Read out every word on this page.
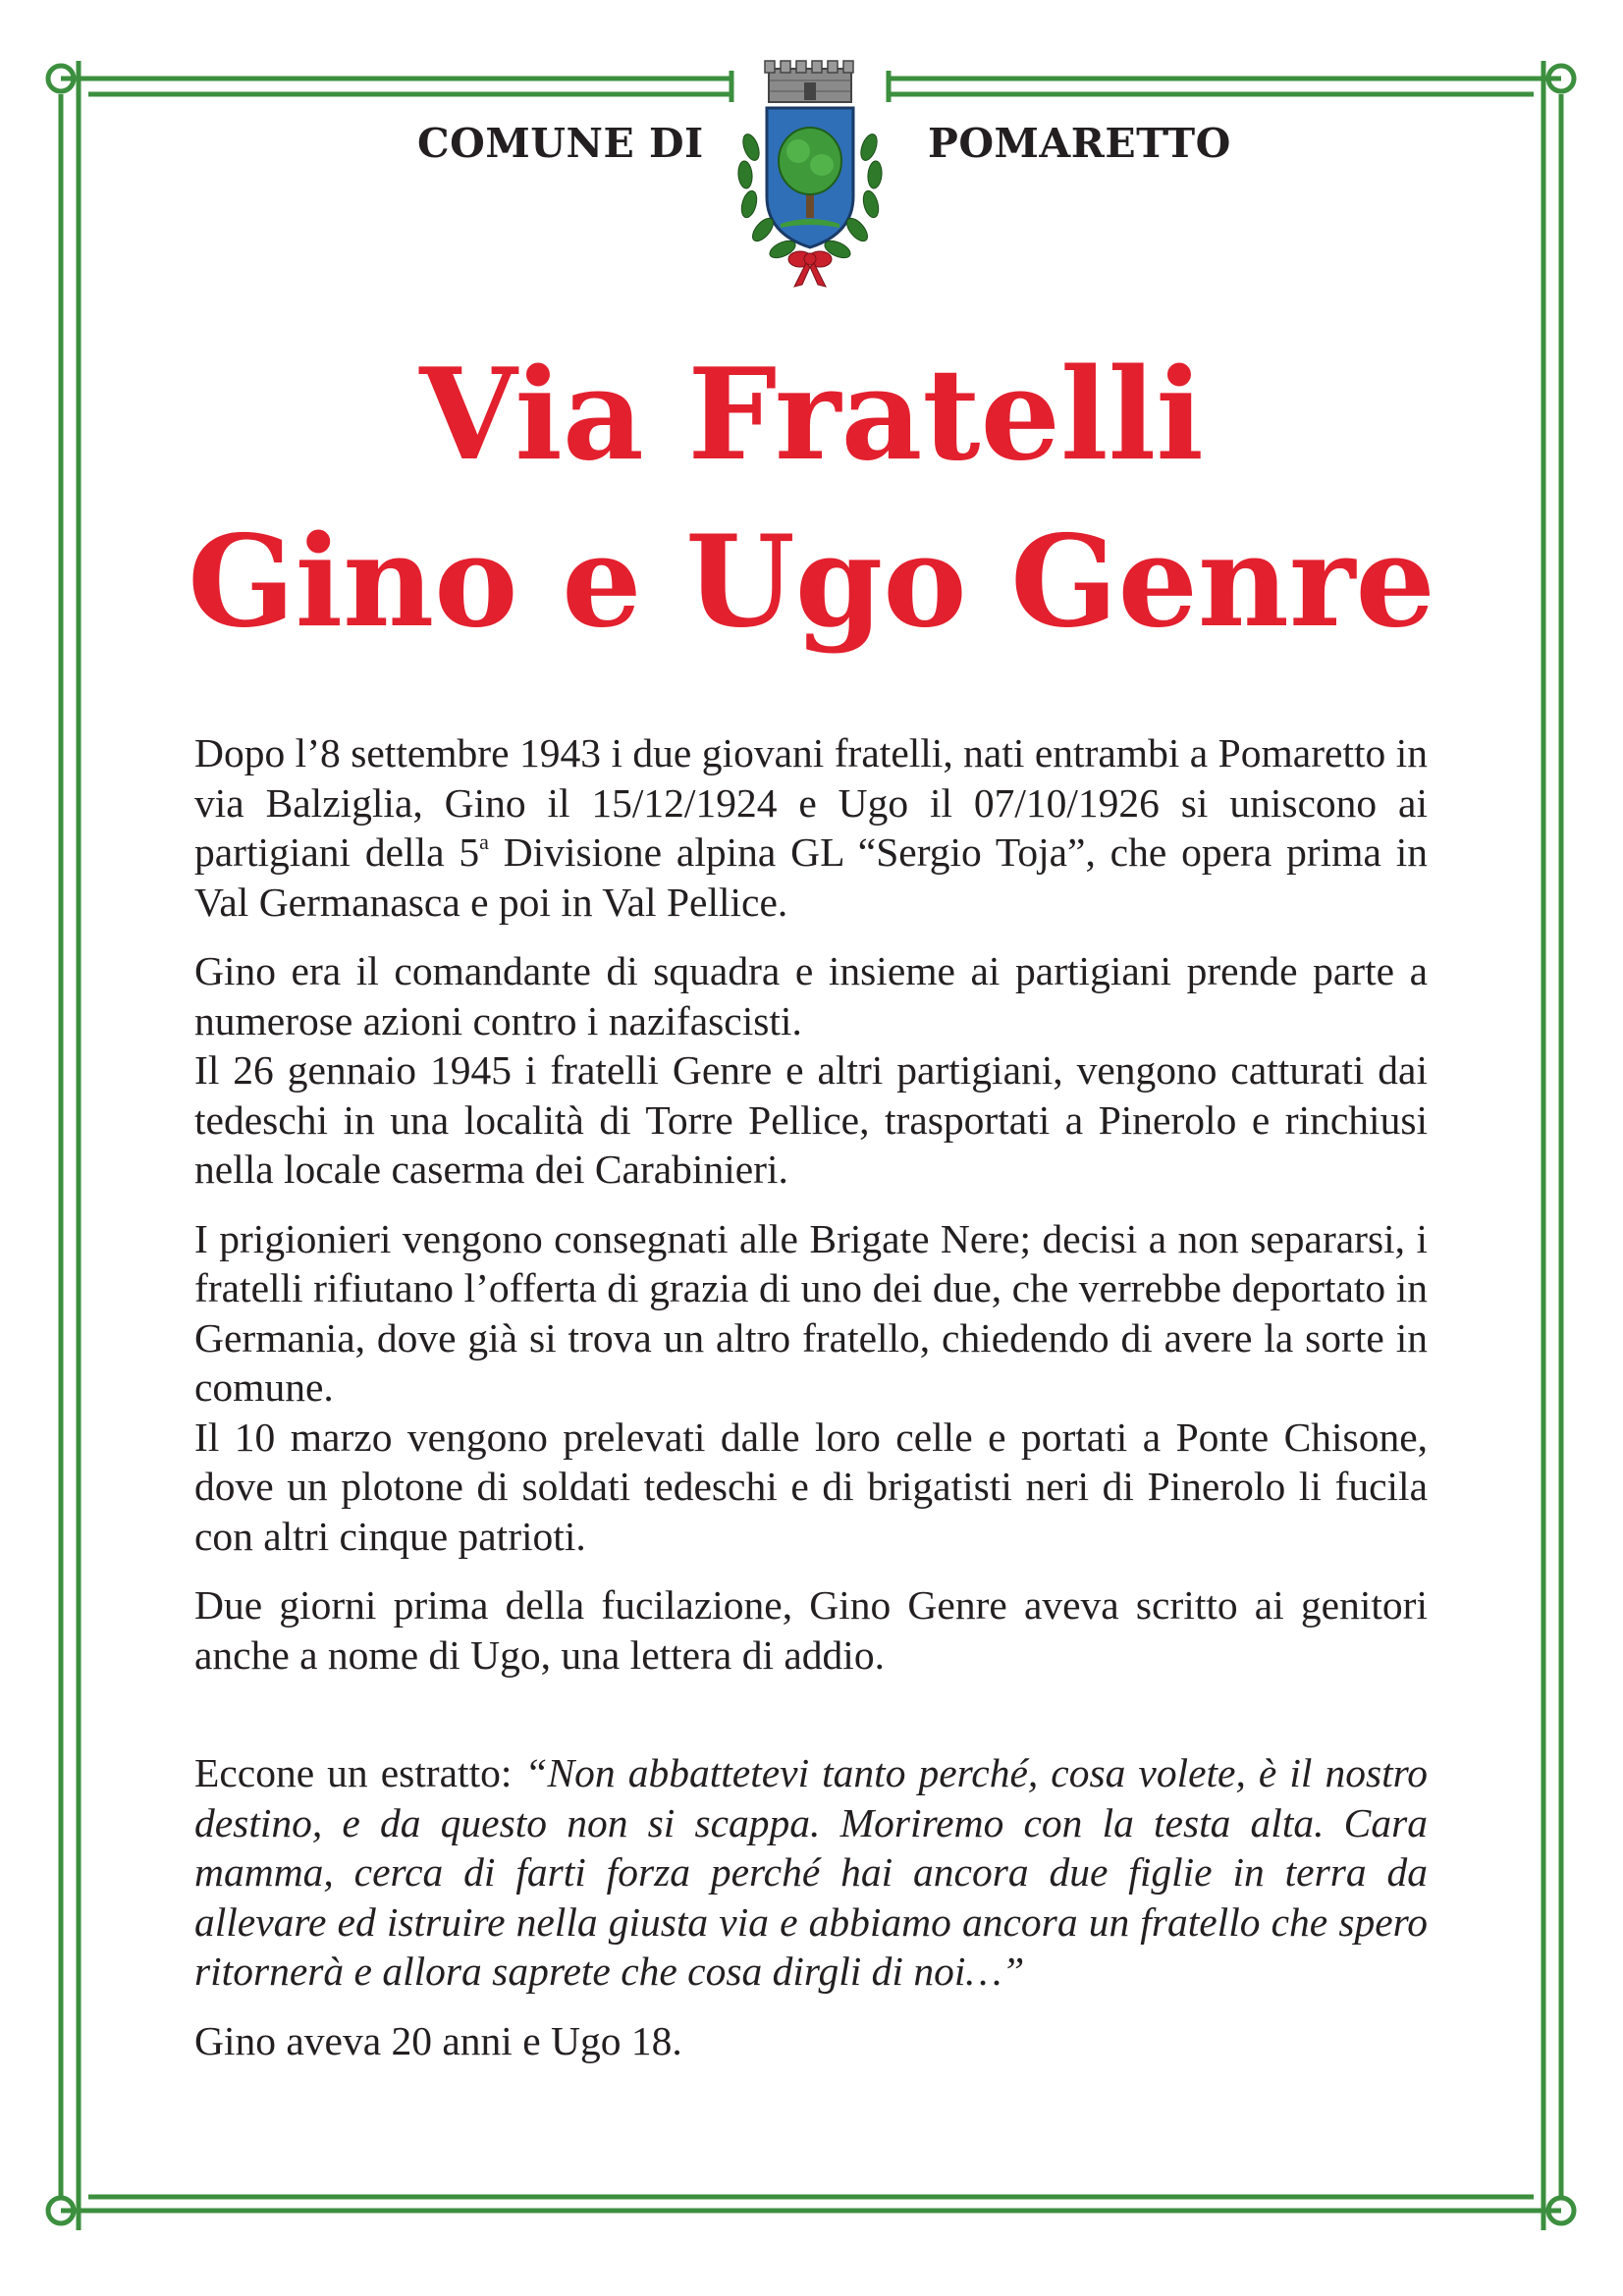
COMUNE DI	POMARETTO
Via Fratelli
Gino e Ugo Genre

Dopo l’8 settembre 1943 i due giovani fratelli, nati entrambi a Pomaretto in via Balziglia, Gino il 15/12/1924 e Ugo il 07/10/1926 si uniscono ai partigiani della 5$^a$ Divisione alpina GL “Sergio Toja”, che opera prima in Val Germanasca e poi in Val Pellice.

Gino era il comandante di squadra e insieme ai partigiani prende parte a numerose azioni contro i nazifascisti.

Il 26 gennaio 1945 i fratelli Genre e altri partigiani, vengono catturati dai tedeschi in una località di Torre Pellice, trasportati a Pinerolo e rinchiusi nella locale caserma dei Carabinieri.

I prigionieri vengono consegnati alle Brigate Nere; decisi a non separarsi, i fratelli rifiutano l’offerta di grazia di uno dei due, che verrebbe deportato in Germania, dove già si trova un altro fratello, chiedendo di avere la sorte in comune.

Il 10 marzo vengono prelevati dalle loro celle e portati a Ponte Chisone, dove un plotone di soldati tedeschi e di brigatisti neri di Pinerolo li fucila con altri cinque patrioti.

Due giorni prima della fucilazione, Gino Genre aveva scritto ai genitori anche a nome di Ugo, una lettera di addio.

Eccone un estratto: “Non abbattetevi tanto perché, cosa volete, è il nostro destino, e da questo non si scappa. Moriremo con la testa alta. Cara mamma, cerca di farti forza perché hai ancora due figlie in terra da allevare ed istruire nella giusta via e abbiamo ancora un fratello che spero ritornerà e allora saprete che cosa dirgli di noi…”

Gino aveva 20 anni e Ugo 18.
